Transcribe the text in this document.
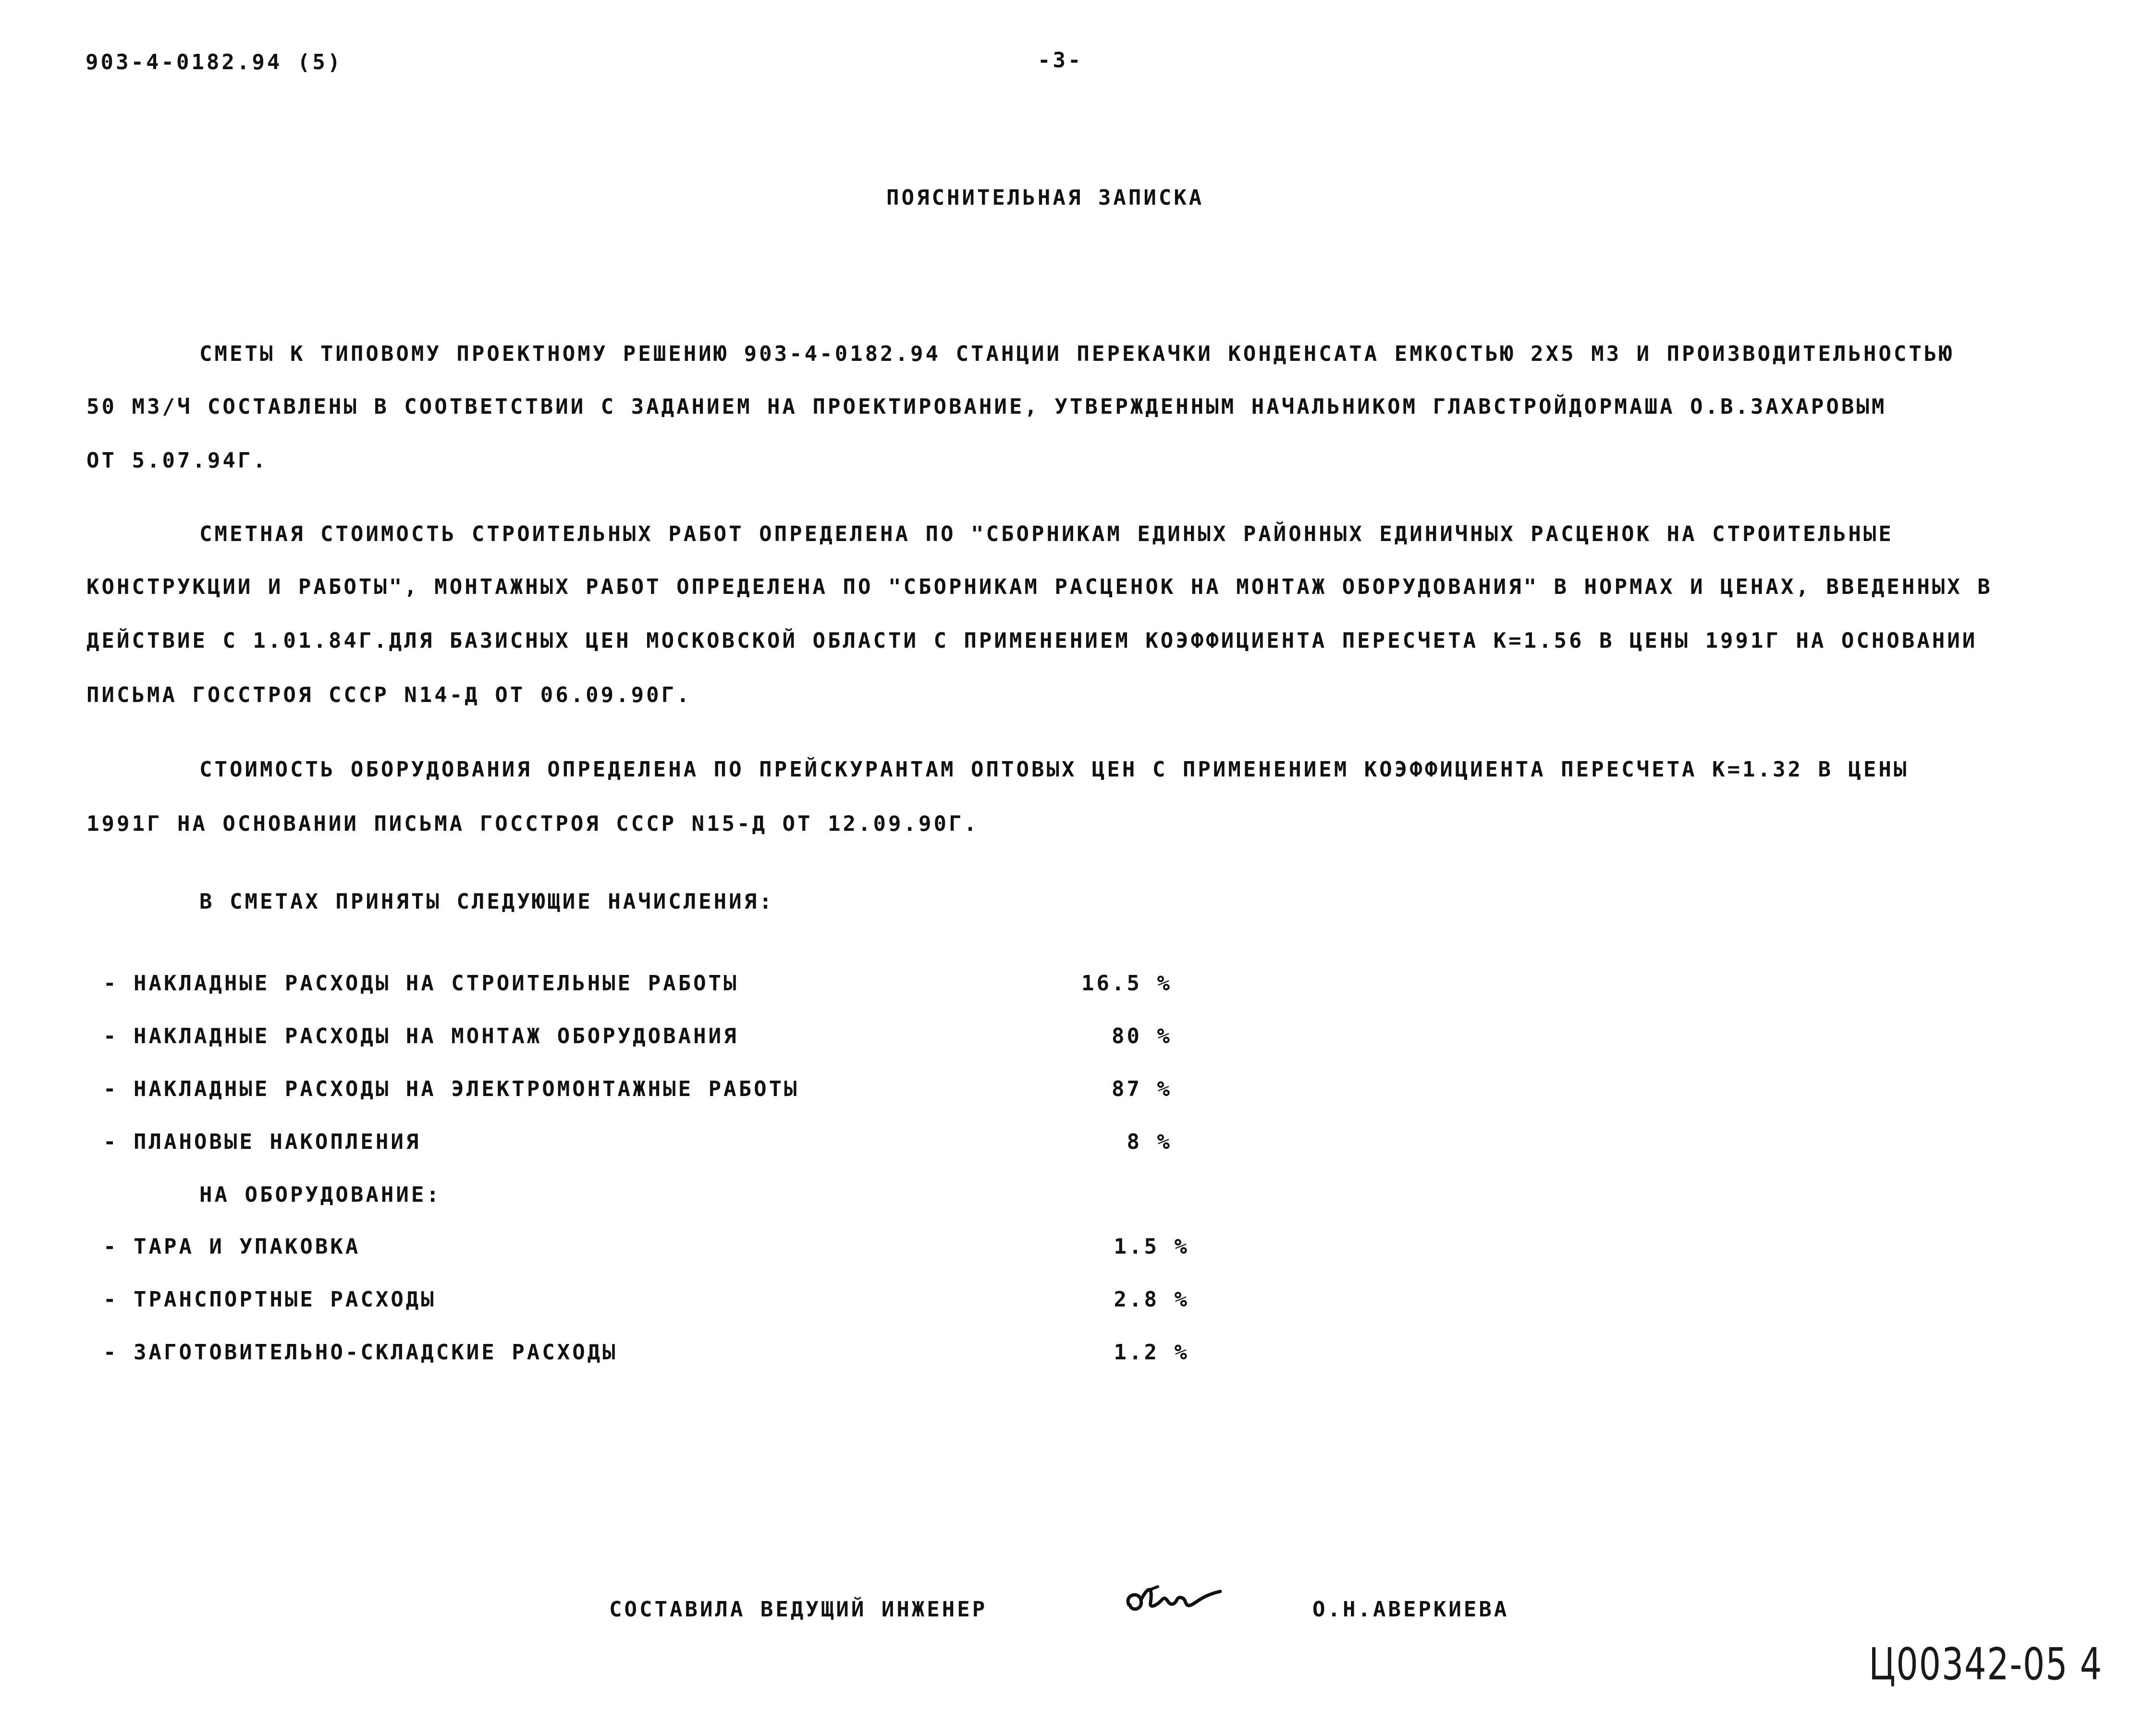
903-4-0182.94 (5)	-3-
ПОЯСНИТЕЛЬНАЯ ЗАПИСКА
СМЕТЫ К ТИПОВОМУ ПРОЕКТНОМУ РЕШЕНИЮ 903-4-0182.94 СТАНЦИИ ПЕРЕКАЧКИ КОНДЕНСАТА ЕМКОСТЬЮ 2Х5 М3 И ПРОИЗВОДИТЕЛЬНОСТЬЮ
50 М3/Ч СОСТАВЛЕНЫ В СООТВЕТСТВИИ С ЗАДАНИЕМ НА ПРОЕКТИРОВАНИЕ, УТВЕРЖДЕННЫМ НАЧАЛЬНИКОМ ГЛАВСТРОЙДОРМАША О.В.ЗАХАРОВЫМ
ОТ 5.07.94Г.
СМЕТНАЯ СТОИМОСТЬ СТРОИТЕЛЬНЫХ РАБОТ ОПРЕДЕЛЕНА ПО "СБОРНИКАМ ЕДИНЫХ РАЙОННЫХ ЕДИНИЧНЫХ РАСЦЕНОК НА СТРОИТЕЛЬНЫЕ
КОНСТРУКЦИИ И РАБОТЫ", МОНТАЖНЫХ РАБОТ ОПРЕДЕЛЕНА ПО "СБОРНИКАМ РАСЦЕНОК НА МОНТАЖ ОБОРУДОВАНИЯ" В НОРМАХ И ЦЕНАХ, ВВЕДЕННЫХ В
ДЕЙСТВИЕ С 1.01.84Г.ДЛЯ БАЗИСНЫХ ЦЕН МОСКОВСКОЙ ОБЛАСТИ С ПРИМЕНЕНИЕМ КОЭФФИЦИЕНТА ПЕРЕСЧЕТА К=1.56 В ЦЕНЫ 1991Г НА ОСНОВАНИИ
ПИСЬМА ГОССТРОЯ СССР N14-Д ОТ 06.09.90Г.
СТОИМОСТЬ ОБОРУДОВАНИЯ ОПРЕДЕЛЕНА ПО ПРЕЙСКУРАНТАМ ОПТОВЫХ ЦЕН С ПРИМЕНЕНИЕМ КОЭФФИЦИЕНТА ПЕРЕСЧЕТА К=1.32 В ЦЕНЫ
1991Г НА ОСНОВАНИИ ПИСЬМА ГОССТРОЯ СССР N15-Д ОТ 12.09.90Г.
В СМЕТАХ ПРИНЯТЫ СЛЕДУЮЩИЕ НАЧИСЛЕНИЯ:
- НАКЛАДНЫЕ РАСХОДЫ НА СТРОИТЕЛЬНЫЕ РАБОТЫ	16.5 %
- НАКЛАДНЫЕ РАСХОДЫ НА МОНТАЖ ОБОРУДОВАНИЯ	80 %
- НАКЛАДНЫЕ РАСХОДЫ НА ЭЛЕКТРОМОНТАЖНЫЕ РАБОТЫ	87 %
- ПЛАНОВЫЕ НАКОПЛЕНИЯ	8 %
НА ОБОРУДОВАНИЕ:
- ТАРА И УПАКОВКА	1.5 %
- ТРАНСПОРТНЫЕ РАСХОДЫ	2.8 %
- ЗАГОТОВИТЕЛЬНО-СКЛАДСКИЕ РАСХОДЫ	1.2 %
СОСТАВИЛА ВЕДУЩИЙ ИНЖЕНЕР	О.Н.АВЕРКИЕВА
Ц00342-05 4
